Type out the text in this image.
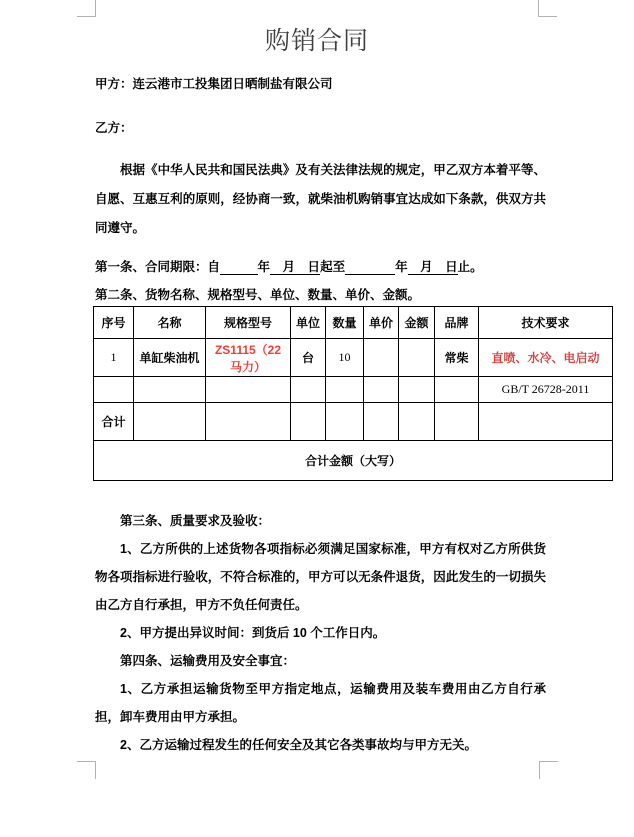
购销合同
甲方：连云港市工投集团日晒制盐有限公司
乙方：
根据《中华人民共和国民法典》及有关法律法规的规定，甲乙双方本着平等、自愿、互惠互利的原则，经协商一致，就柴油机购销事宜达成如下条款，供双方共同遵守。
第一条、合同期限：自　　　	年　月　日起至　　　　	年　月　日止。
第二条、货物名称、规格型号、单位、数量、单价、金额。
序号	名称	规格型号	单位	数量	单价	金额	品牌	技术要求
1	单缸柴油机	ZS1115（22 马力）	台	10			常柴	直喷、水冷、电启动
								GB/T 26728-2011
合计								
合计金额（大写）								
第三条、质量要求及验收：
1、乙方所供的上述货物各项指标必须满足国家标准，甲方有权对乙方所供货物各项指标进行验收，不符合标准的，甲方可以无条件退货，因此发生的一切损失由乙方自行承担，甲方不负任何责任。
2、甲方提出异议时间：到货后 10 个工作日内。
第四条、运输费用及安全事宜：
1、乙方承担运输货物至甲方指定地点，运输费用及装车费用由乙方自行承担，卸车费用由甲方承担。
2、乙方运输过程发生的任何安全及其它各类事故均与甲方无关。
